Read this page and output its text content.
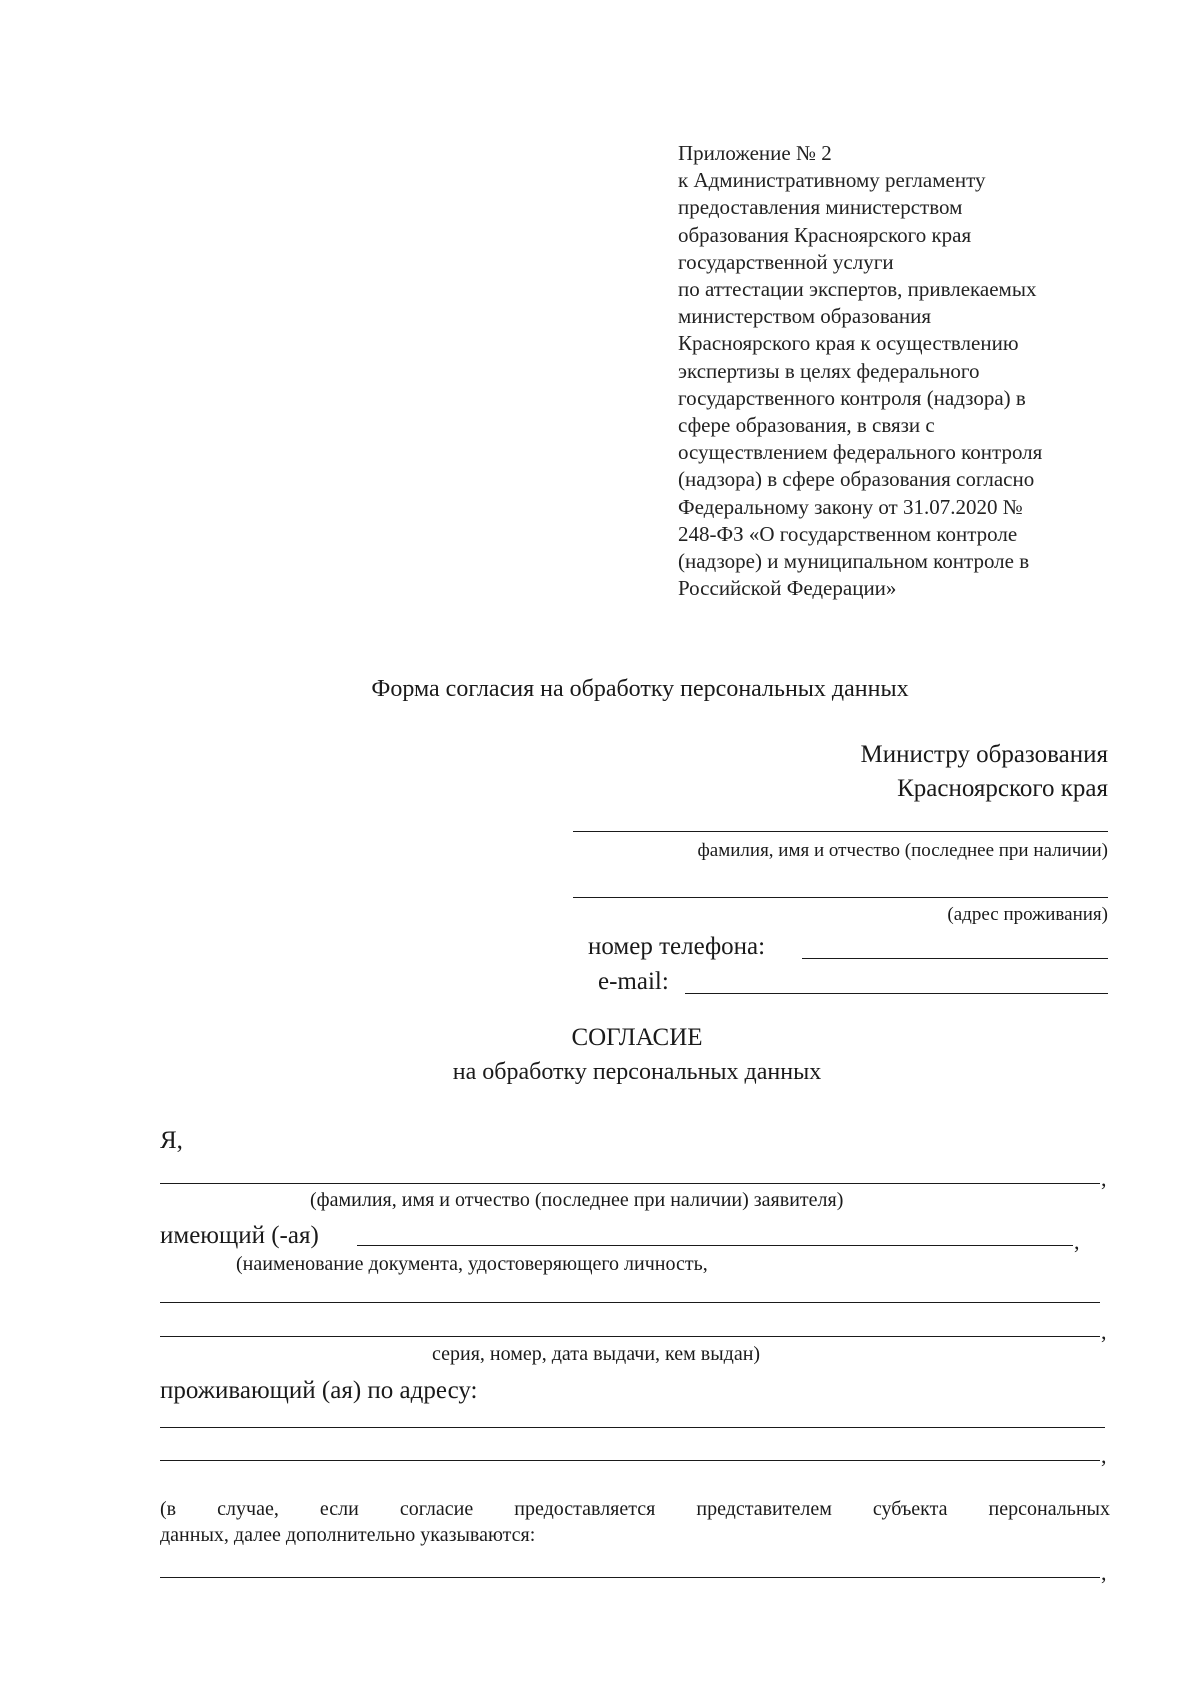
Приложение № 2
к Административному регламенту
предоставления министерством
образования Красноярского края
государственной услуги
по аттестации экспертов, привлекаемых
министерством образования
Красноярского края к осуществлению
экспертизы в целях федерального
государственного контроля (надзора) в
сфере образования, в связи с
осуществлением федерального контроля
(надзора) в сфере образования согласно
Федеральному закону от 31.07.2020 №
248-ФЗ «О государственном контроле
(надзоре) и муниципальном контроле в
Российской Федерации»
Форма согласия на обработку персональных данных
Министру образования
Красноярского края
фамилия, имя и отчество (последнее при наличии)
(адрес проживания)
номер телефона:
e-mail:
СОГЛАСИЕ
на обработку персональных данных
Я,
,
(фамилия, имя и отчество (последнее при наличии) заявителя)
имеющий (-ая)	,
(наименование документа, удостоверяющего личность,
,
серия, номер, дата выдачи, кем выдан)
проживающий (ая) по адресу:
,
(в случае, если согласие предоставляется представителем субъекта персональных
данных, далее дополнительно указываются:
,
